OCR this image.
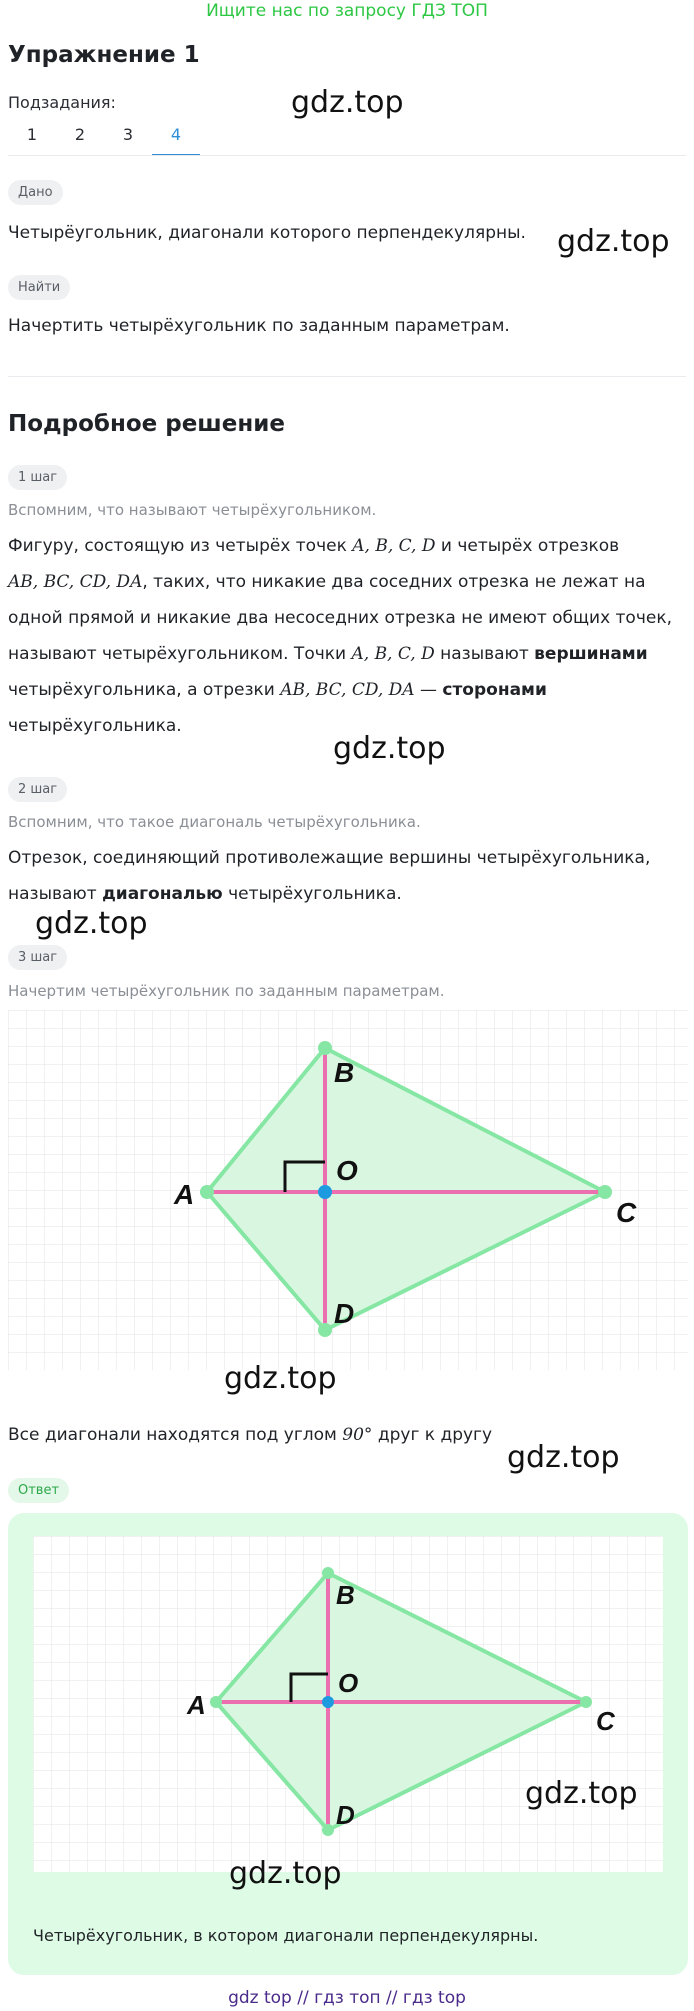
Ищите нас по запросу ГДЗ ТОП
Упражнение 1
Подзадания:
1	2	3	4
Дано
Четырёугольник, диагонали которого перпендекулярны.
Найти
Начертить четырёхугольник по заданным параметрам.
Подробное решение
1 шаг
Вспомним, что называют четырёхугольником.
Фигуру, состоящую из четырёх точек A, B, C, D и четырёх отрезков
AB, BC, CD, DA, таких, что никакие два соседних отрезка не лежат на
одной прямой и никакие два несоседних отрезка не имеют общих точек,
называют четырёхугольником. Точки A, B, C, D называют вершинами
четырёхугольника, а отрезки AB, BC, CD, DA — сторонами
четырёхугольника.
2 шаг
Вспомним, что такое диагональ четырёхугольника.
Отрезок, соединяющий противолежащие вершины четырёхугольника,
называют диагональю четырёхугольника.
3 шаг
Начертим четырёхугольник по заданным параметрам.
A
B
C
D
O
Все диагонали находятся под углом 90° друг к другу
Ответ
A
B
C
D
O
Четырёхугольник, в котором диагонали перпендекулярны.
gdz.top
gdz.top
gdz.top
gdz.top
gdz.top
gdz.top
gdz.top
gdz.top
gdz top // гдз топ // гдз top
